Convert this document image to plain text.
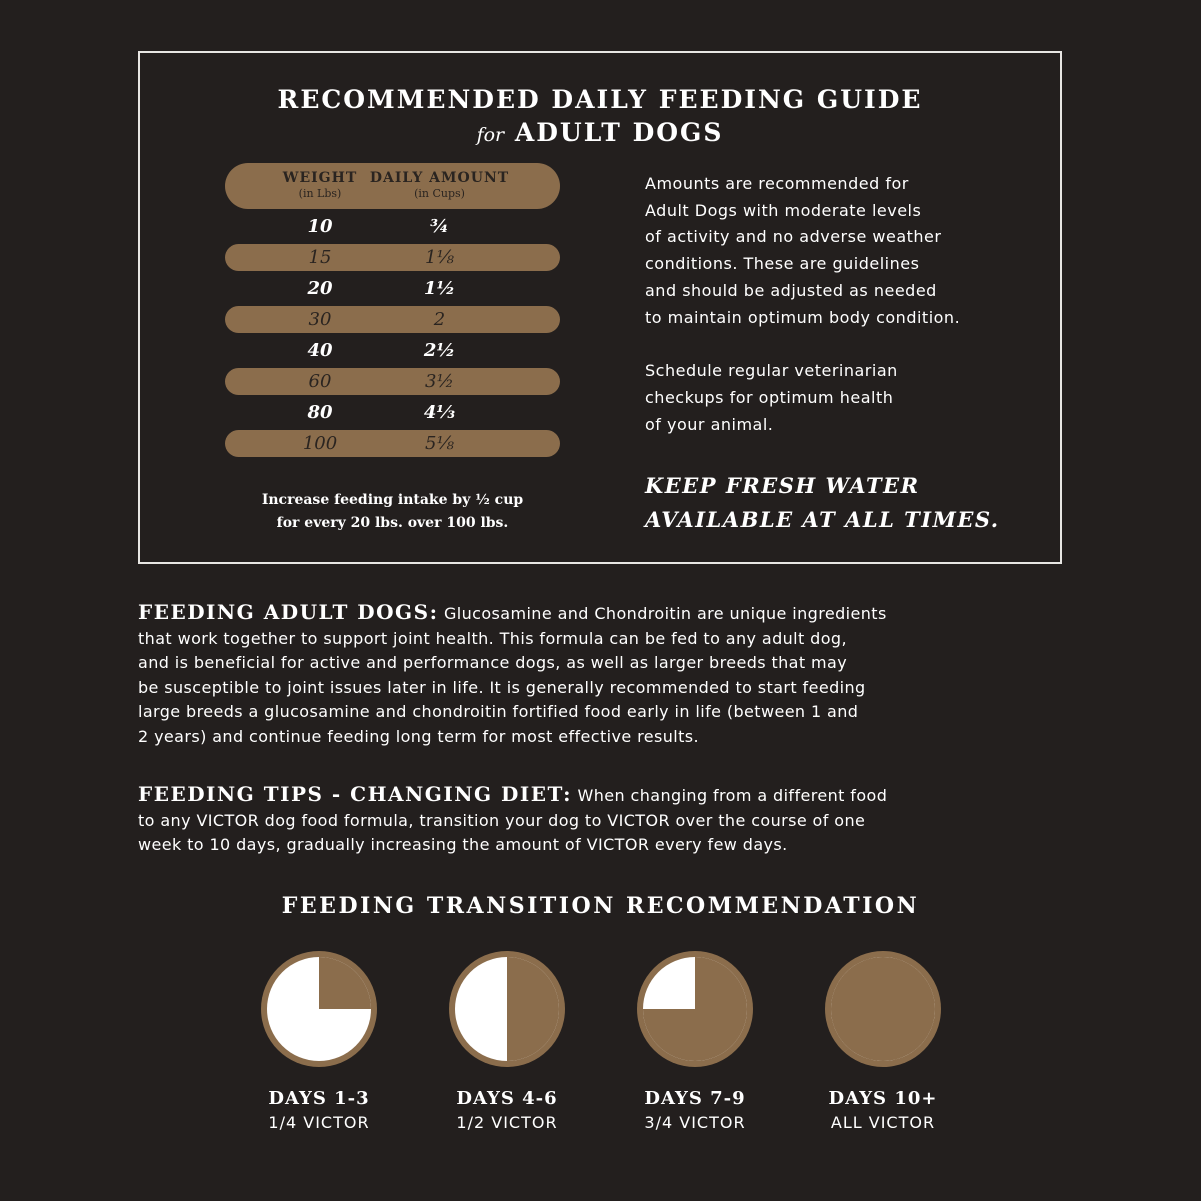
RECOMMENDED DAILY FEEDING GUIDE
for ADULT DOGS
WEIGHT
(in Lbs)
DAILY AMOUNT
(in Cups)
10	¾
15	1⅛
20	1½
30	2
40	2½
60	3½
80	4⅓
100	5⅛
Increase feeding intake by ½ cup
for every 20 lbs. over 100 lbs.

Amounts are recommended for
Adult Dogs with moderate levels
of activity and no adverse weather
conditions. These are guidelines
and should be adjusted as needed
to maintain optimum body condition.

Schedule regular veterinarian
checkups for optimum health
of your animal.

KEEP FRESH WATER
AVAILABLE AT ALL TIMES.
FEEDING ADULT DOGS: Glucosamine and Chondroitin are unique ingredients
that work together to support joint health. This formula can be fed to any adult dog,
and is beneficial for active and performance dogs, as well as larger breeds that may
be susceptible to joint issues later in life. It is generally recommended to start feeding
large breeds a glucosamine and chondroitin fortified food early in life (between 1 and
2 years) and continue feeding long term for most effective results.
FEEDING TIPS - CHANGING DIET: When changing from a different food
to any VICTOR dog food formula, transition your dog to VICTOR over the course of one
week to 10 days, gradually increasing the amount of VICTOR every few days.
FEEDING TRANSITION RECOMMENDATION
DAYS 1-3
1/4 VICTOR
DAYS 4-6
1/2 VICTOR
DAYS 7-9
3/4 VICTOR
DAYS 10+
ALL VICTOR
